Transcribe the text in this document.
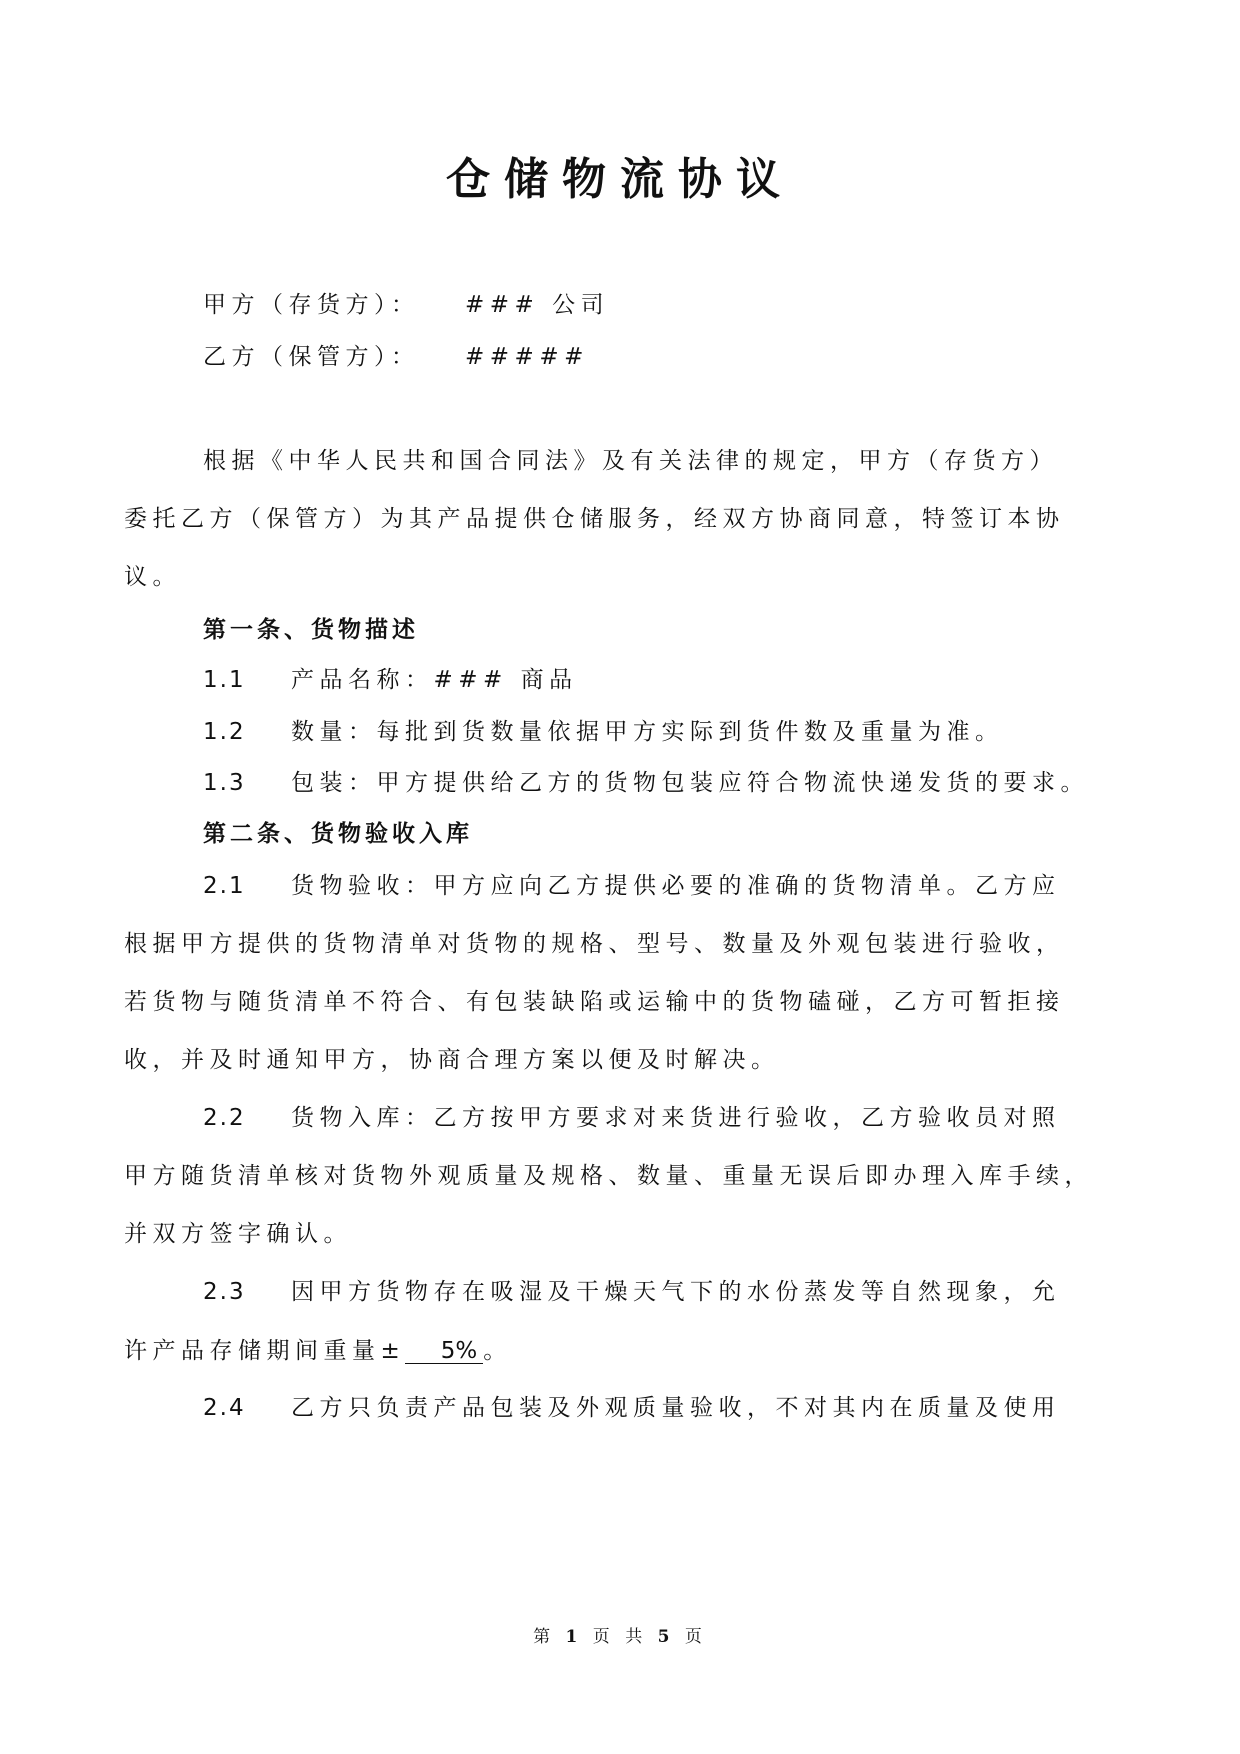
仓储物流协议
甲方（存货方）： ### 公司
乙方（保管方）： #####
根据《中华人民共和国合同法》及有关法律的规定，甲方（存货方）
委托乙方（保管方）为其产品提供仓储服务，经双方协商同意，特签订本协
议。
第一条、货物描述
1.1 产品名称：### 商品
1.2 数量：每批到货数量依据甲方实际到货件数及重量为准。
1.3 包装：甲方提供给乙方的货物包装应符合物流快递发货的要求。
第二条、货物验收入库
2.1 货物验收：甲方应向乙方提供必要的准确的货物清单。乙方应
根据甲方提供的货物清单对货物的规格、型号、数量及外观包装进行验收，
若货物与随货清单不符合、有包装缺陷或运输中的货物磕碰，乙方可暂拒接
收，并及时通知甲方，协商合理方案以便及时解决。
2.2 货物入库：乙方按甲方要求对来货进行验收，乙方验收员对照
甲方随货清单核对货物外观质量及规格、数量、重量无误后即办理入库手续，
并双方签字确认。
2.3 因甲方货物存在吸湿及干燥天气下的水份蒸发等自然现象，允
许产品存储期间重量± 5% 。
2.4 乙方只负责产品包装及外观质量验收，不对其内在质量及使用
第 1 页 共 5 页
